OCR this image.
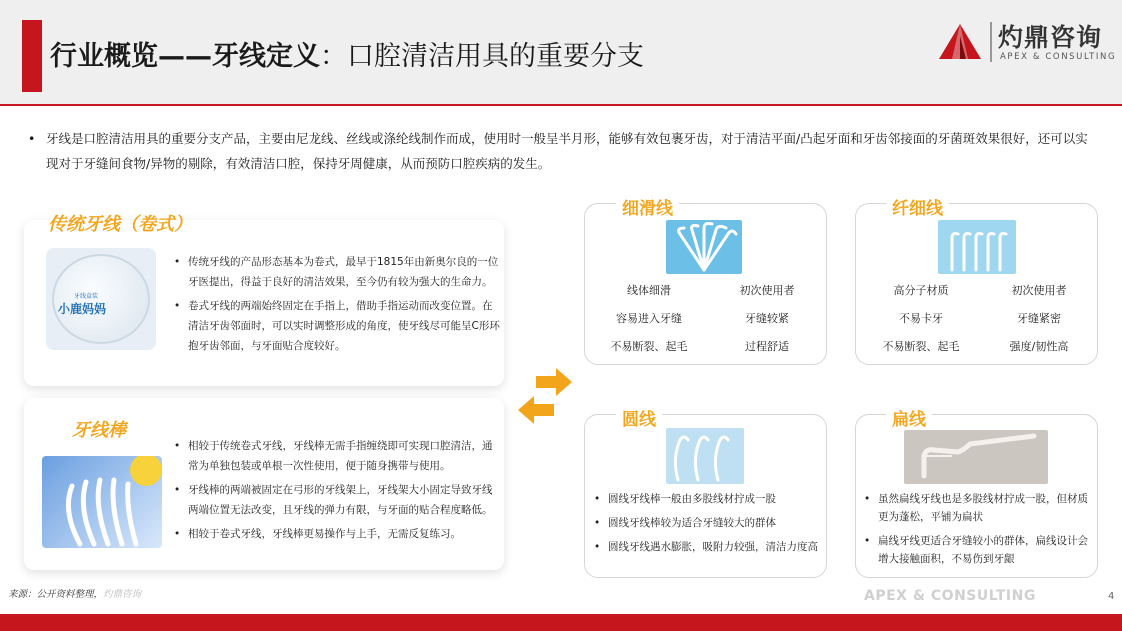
行业概览——牙线定义：口腔清洁用具的重要分支
灼鼎咨询
APEX & CONSULTING
• 牙线是口腔清洁用具的重要分支产品，主要由尼龙线、丝线或涤纶线制作而成，使用时一般呈半月形，能够有效包裹牙齿，对于清洁平面/凸起牙面和牙齿邻接面的牙菌斑效果很好，还可以实现对于牙缝间食物/异物的剔除，有效清洁口腔，保持牙周健康，从而预防口腔疾病的发生。

传统牙线（卷式）
牙线盒装
小鹿妈妈
• 传统牙线的产品形态基本为卷式，最早于1815年由新奥尔良的一位牙医提出，得益于良好的清洁效果，至今仍有较为强大的生命力。
• 卷式牙线的两端始终固定在手指上，借助手指运动而改变位置。在清洁牙齿邻面时，可以实时调整形成的角度，使牙线尽可能呈C形环抱牙齿邻面，与牙面贴合度较好。
牙线棒
• 相较于传统卷式牙线，牙线棒无需手指缠绕即可实现口腔清洁，通常为单独包装或单根一次性使用，便于随身携带与使用。
• 牙线棒的两端被固定在弓形的牙线架上，牙线架大小固定导致牙线两端位置无法改变，且牙线的弹力有限，与牙面的贴合程度略低。
• 相较于卷式牙线，牙线棒更易操作与上手，无需反复练习。
细滑线
线体细滑	初次使用者
容易进入牙缝	牙缝较紧
不易断裂、起毛	过程舒适
纤细线
高分子材质	初次使用者
不易卡牙	牙缝紧密
不易断裂、起毛	强度/韧性高
圆线
• 圆线牙线棒一般由多股线材拧成一股
• 圆线牙线棒较为适合牙缝较大的群体
• 圆线牙线遇水膨胀，吸附力较强，清洁力度高
扁线
• 虽然扁线牙线也是多股线材拧成一股，但材质更为蓬松，平铺为扁状
• 扁线牙线更适合牙缝较小的群体，扁线设计会增大接触面积，不易伤到牙龈
来源：公开资料整理，灼鼎咨询	APEX & CONSULTING	4
